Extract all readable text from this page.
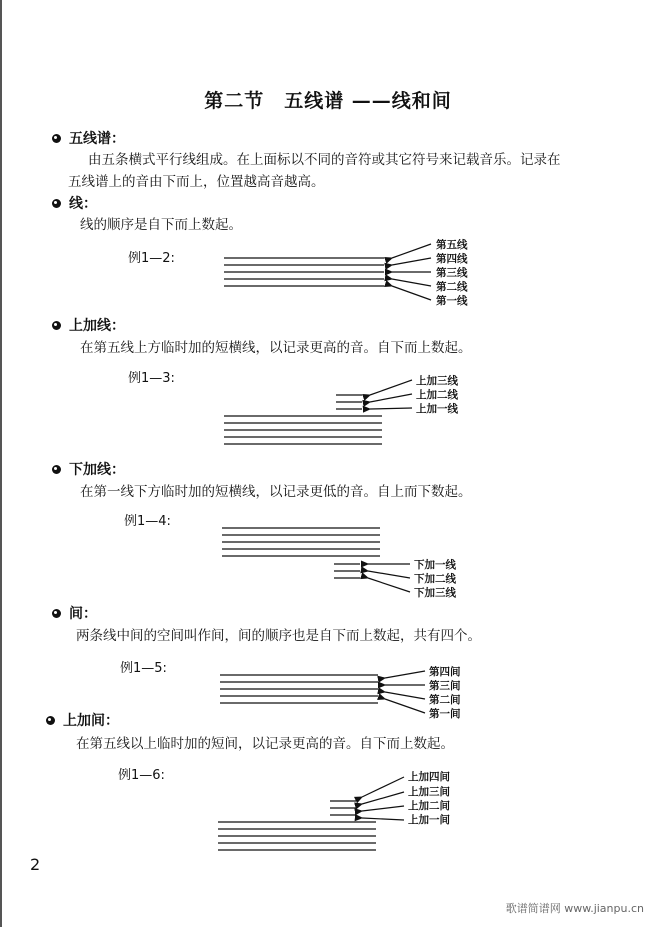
第二节　五线谱 ——线和间
五线谱：
由五条横式平行线组成。在上面标以不同的音符或其它符号来记载音乐。记录在
五线谱上的音由下而上，位置越高音越高。
线：
线的顺序是自下而上数起。
例1—2:
上加线：
在第五线上方临时加的短横线，以记录更高的音。自下而上数起。
例1—3:
下加线：
在第一线下方临时加的短横线，以记录更低的音。自上而下数起。
例1—4:
间：
两条线中间的空间叫作间，间的顺序也是自下而上数起，共有四个。
例1—5:
上加间：
在第五线以上临时加的短间，以记录更高的音。自下而上数起。
例1—6:
第五线
第四线
第三线
第二线
第一线
上加三线
上加二线
上加一线
下加一线
下加二线
下加三线
第四间
第三间
第二间
第一间
上加四间
上加三间
上加二间
上加一间
2
歌谱简谱网 www.jianpu.cn
